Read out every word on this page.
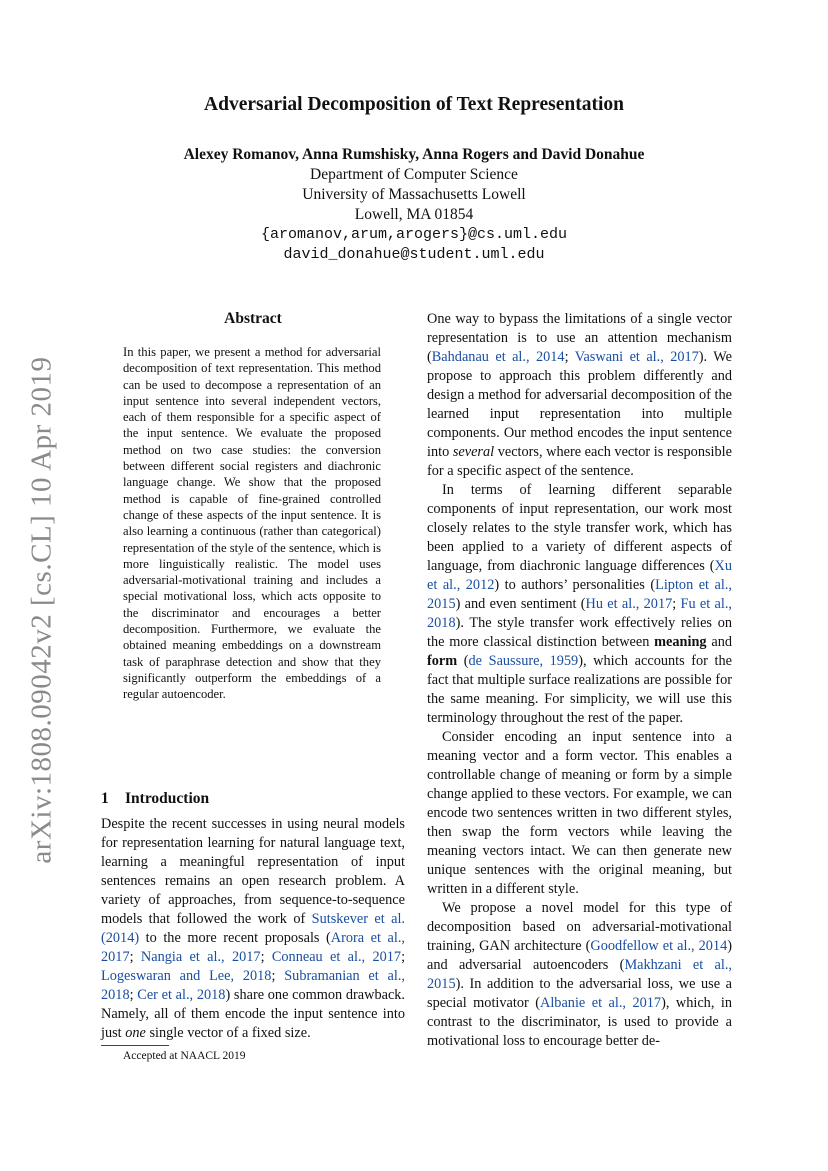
arXiv:1808.09042v2 [cs.CL] 10 Apr 2019
Adversarial Decomposition of Text Representation
Alexey Romanov, Anna Rumshisky, Anna Rogers and David Donahue
Department of Computer Science
University of Massachusetts Lowell
Lowell, MA 01854
{aromanov,arum,arogers}@cs.uml.edu
david_donahue@student.uml.edu
Abstract

In this paper, we present a method for adversarial decomposition of text representation. This method can be used to decompose a representation of an input sentence into several independent vectors, each of them responsible for a specific aspect of the input sentence. We evaluate the proposed method on two case studies: the conversion between different social registers and diachronic language change. We show that the proposed method is capable of fine-grained controlled change of these aspects of the input sentence. It is also learning a continuous (rather than categorical) representation of the style of the sentence, which is more linguistically realistic. The model uses adversarial-motivational training and includes a special motivational loss, which acts opposite to the discriminator and encourages a better decomposition. Furthermore, we evaluate the obtained meaning embeddings on a downstream task of paraphrase detection and show that they significantly outperform the embeddings of a regular autoencoder.

1 Introduction

Despite the recent successes in using neural models for representation learning for natural language text, learning a meaningful representation of input sentences remains an open research problem. A variety of approaches, from sequence-to-sequence models that followed the work of Sutskever et al. (2014) to the more recent proposals (Arora et al., 2017; Nangia et al., 2017; Conneau et al., 2017; Logeswaran and Lee, 2018; Subramanian et al., 2018; Cer et al., 2018) share one common drawback. Namely, all of them encode the input sentence into just one single vector of a fixed size.

Accepted at NAACL 2019

One way to bypass the limitations of a single vector representation is to use an attention mechanism (Bahdanau et al., 2014; Vaswani et al., 2017). We propose to approach this problem differently and design a method for adversarial decomposition of the learned input representation into multiple components. Our method encodes the input sentence into several vectors, where each vector is responsible for a specific aspect of the sentence.

In terms of learning different separable components of input representation, our work most closely relates to the style transfer work, which has been applied to a variety of different aspects of language, from diachronic language differences (Xu et al., 2012) to authors’ personalities (Lipton et al., 2015) and even sentiment (Hu et al., 2017; Fu et al., 2018). The style transfer work effectively relies on the more classical distinction between meaning and form (de Saussure, 1959), which accounts for the fact that multiple surface realizations are possible for the same meaning. For simplicity, we will use this terminology throughout the rest of the paper.

Consider encoding an input sentence into a meaning vector and a form vector. This enables a controllable change of meaning or form by a simple change applied to these vectors. For example, we can encode two sentences written in two different styles, then swap the form vectors while leaving the meaning vectors intact. We can then generate new unique sentences with the original meaning, but written in a different style.

We propose a novel model for this type of decomposition based on adversarial-motivational training, GAN architecture (Goodfellow et al., 2014) and adversarial autoencoders (Makhzani et al., 2015). In addition to the adversarial loss, we use a special motivator (Albanie et al., 2017), which, in contrast to the discriminator, is used to provide a motivational loss to encourage better de-
